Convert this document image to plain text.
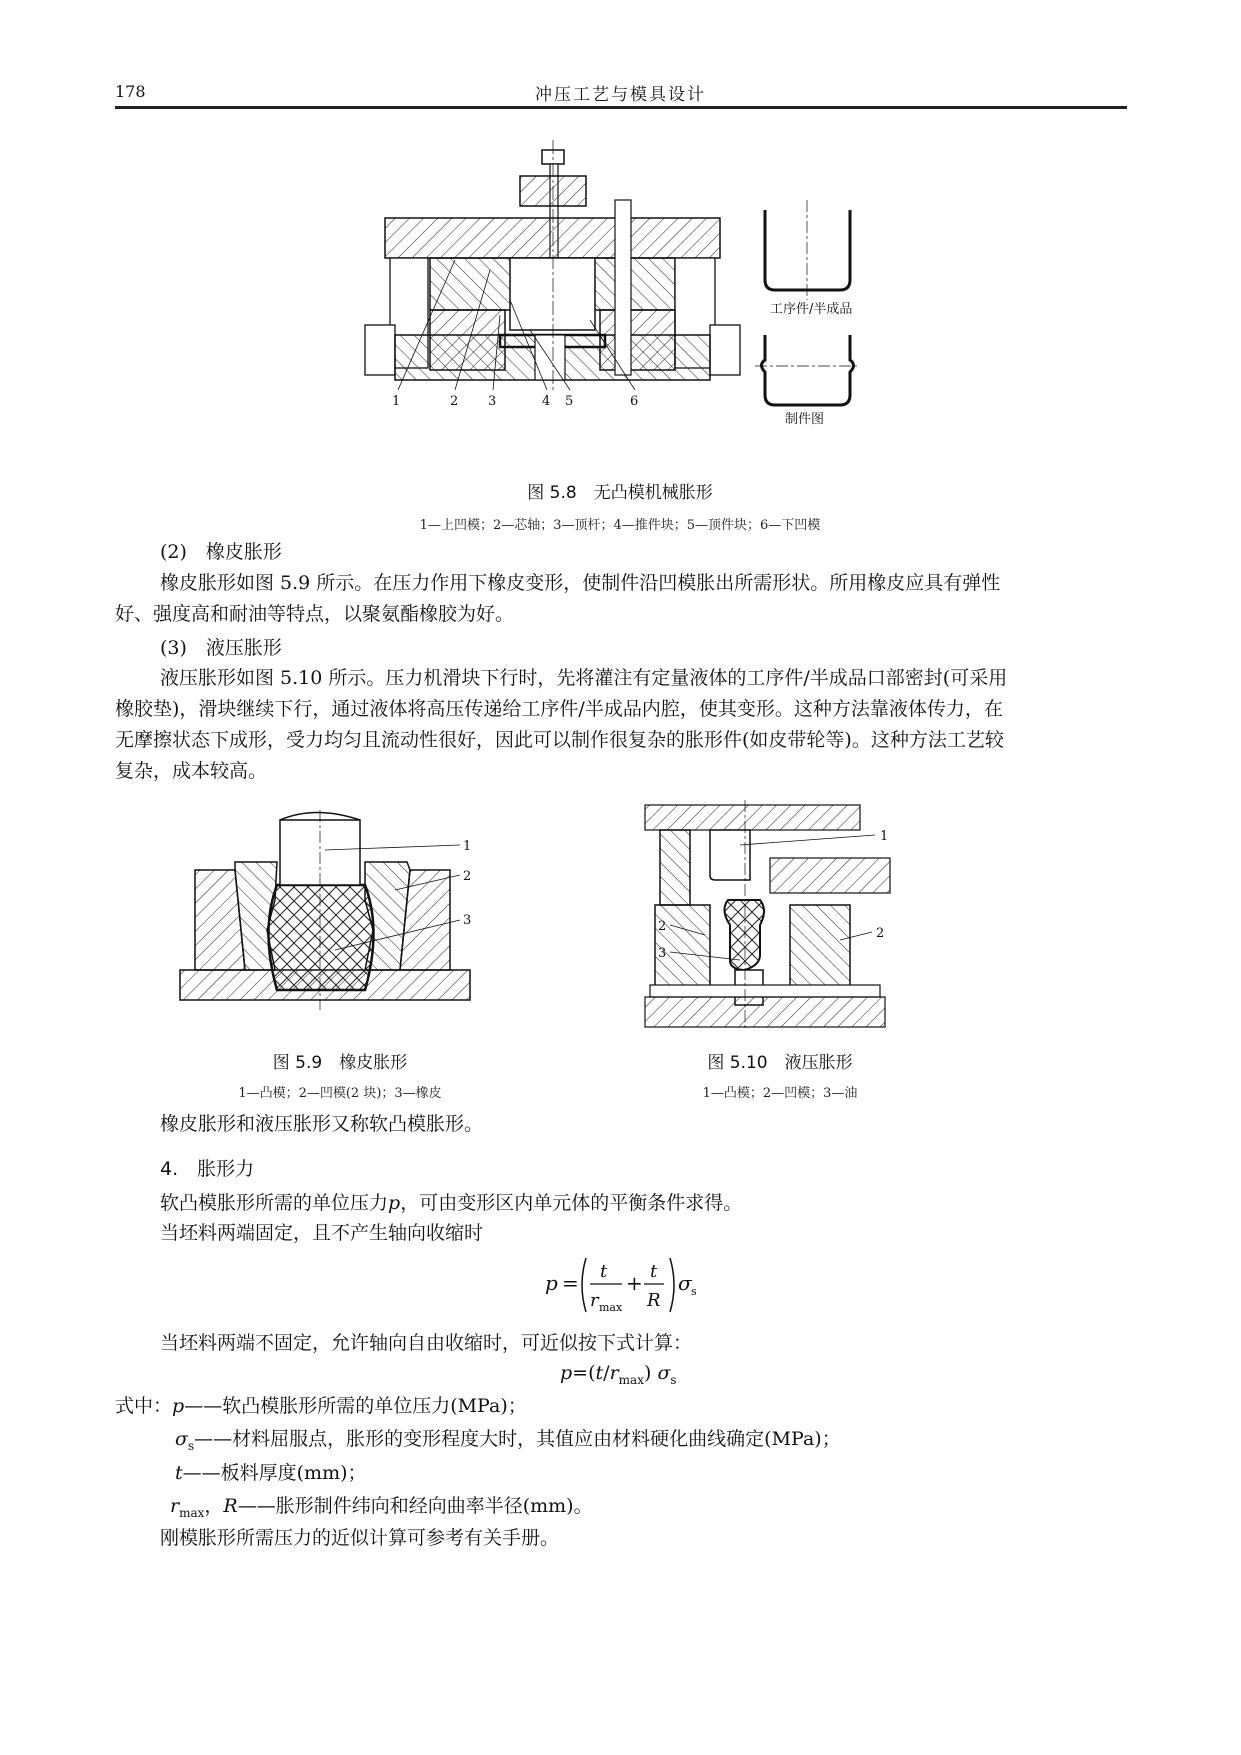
178	冲压工艺与模具设计
1	2 3	4 5	6
工序件/半成品
制件图
图 5.8　无凸模机械胀形
1—上凹模；2—芯轴；3—顶杆；4—推件块；5—顶件块；6—下凹模
(2)　橡皮胀形
橡皮胀形如图 5.9 所示。在压力作用下橡皮变形，使制件沿凹模胀出所需形状。所用橡皮应具有弹性
好、强度高和耐油等特点，以聚氨酯橡胶为好。
(3)　液压胀形
液压胀形如图 5.10 所示。压力机滑块下行时，先将灌注有定量液体的工序件/半成品口部密封(可采用
橡胶垫)，滑块继续下行，通过液体将高压传递给工序件/半成品内腔，使其变形。这种方法靠液体传力，在
无摩擦状态下成形，受力均匀且流动性很好，因此可以制作很复杂的胀形件(如皮带轮等)。这种方法工艺较
复杂，成本较高。
1
2
3
图 5.9　橡皮胀形
1—凸模；2—凹模(2 块)；3—橡皮
1
2	2
3
图 5.10　液压胀形
1—凸模；2—凹模；3—油
橡皮胀形和液压胀形又称软凸模胀形。
4.　胀形力
软凸模胀形所需的单位压力p，可由变形区内单元体的平衡条件求得。
当坯料两端固定，且不产生轴向收缩时
p = t
r max
+ t
R
σ s
当坯料两端不固定，允许轴向自由收缩时，可近似按下式计算：
$p=(t/r_{max})$ $\sigma_s$
式中：p——软凸模胀形所需的单位压力(MPa)；
$\sigma_s——$材料屈服点，胀形的变形程度大时，其值应由材料硬化曲线确定(MPa)；
t——板料厚度(mm)；
$r_{max}$，R——胀形制件纬向和经向曲率半径(mm)。
刚模胀形所需压力的近似计算可参考有关手册。
